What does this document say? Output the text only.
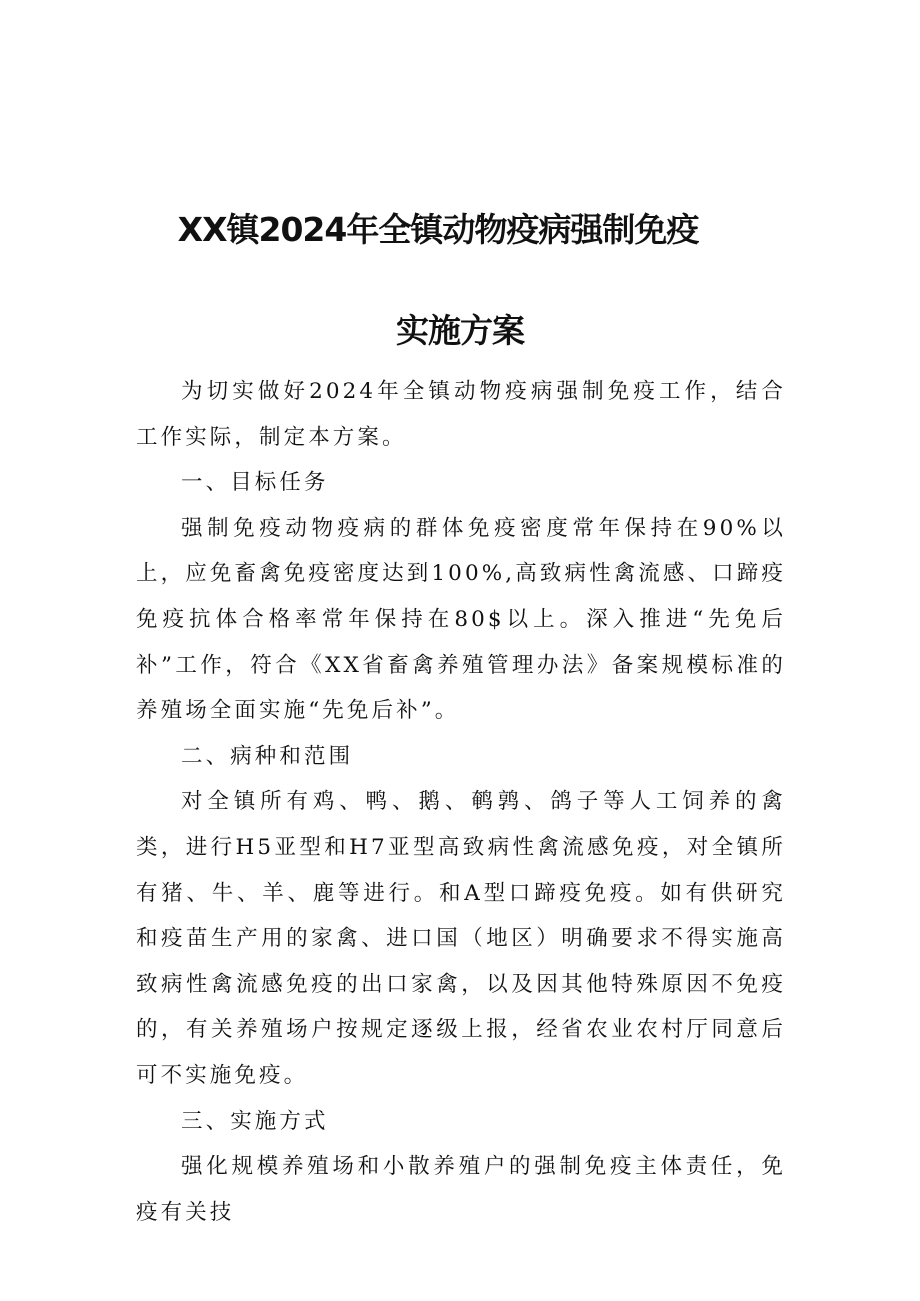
XX镇2024年全镇动物疫病强制免疫
实施方案

为切实做好2024年全镇动物疫病强制免疫工作，结合工作实际，制定本方案。

一、目标任务

强制免疫动物疫病的群体免疫密度常年保持在90%以上，应免畜禽免疫密度达到100%,高致病性禽流感、口蹄疫免疫抗体合格率常年保持在80$以上。深入推进“先免后补”工作，符合《XX省畜禽养殖管理办法》备案规模标准的养殖场全面实施“先免后补”。

二、病种和范围

对全镇所有鸡、鸭、鹅、鹌鹑、鸽子等人工饲养的禽类，进行H5亚型和H7亚型高致病性禽流感免疫，对全镇所有猪、牛、羊、鹿等进行。和A型口蹄疫免疫。如有供研究和疫苗生产用的家禽、进口国（地区）明确要求不得实施高致病性禽流感免疫的出口家禽，以及因其他特殊原因不免疫的，有关养殖场户按规定逐级上报，经省农业农村厅同意后可不实施免疫。

三、实施方式

强化规模养殖场和小散养殖户的强制免疫主体责任，免疫有关技
